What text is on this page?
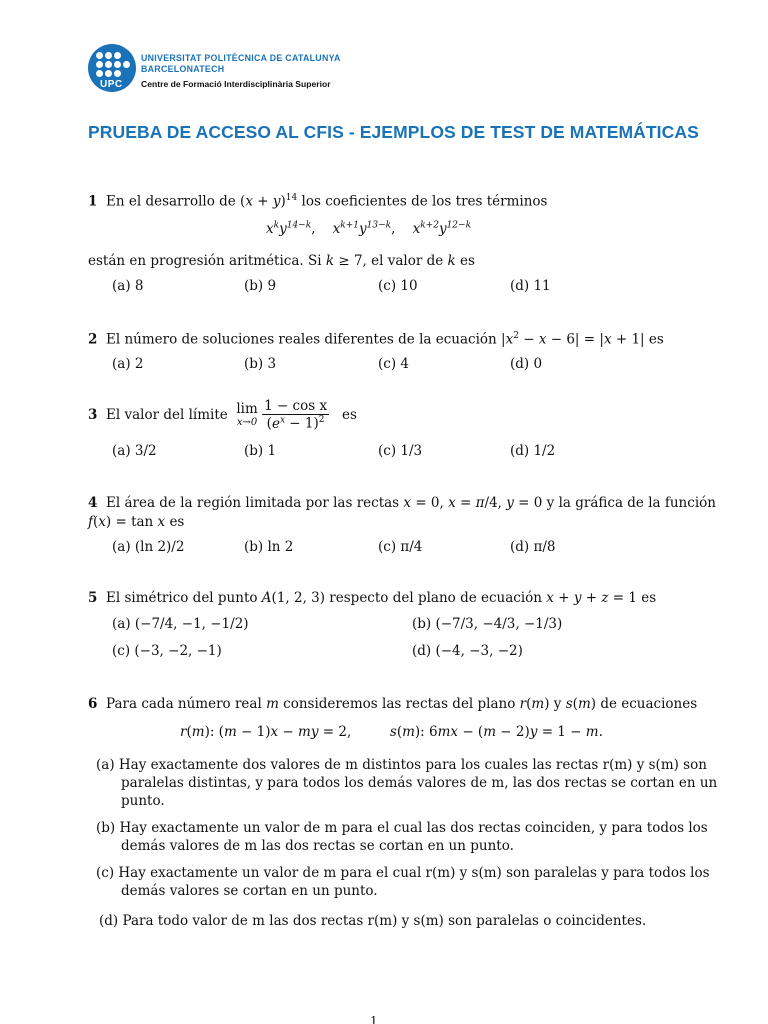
UPC
UNIVERSITAT POLITÈCNICA DE CATALUNYA
BARCELONATECH
Centre de Formació Interdisciplinària Superior
PRUEBA DE ACCESO AL CFIS - EJEMPLOS DE TEST DE MATEMÁTICAS
1 En el desarrollo de $(x + y)^{14}$ los coeficientes de los tres términos
$x^ky^{14-k}$,    $x^{k+1}y^{13-k}$,    $x^{k+2}y^{12-k}$
están en progresión aritmética. Si k ≥ 7, el valor de k es
(a) 8	(b) 9	(c) 10	(d) 11
2 El número de soluciones reales diferentes de la ecuación $|x^2 - x - 6| = |x + 1|$ es
(a) 2	(b) 3	(c) 4	(d) 0
3 El valor del límite lim
x→0
$\frac{\text{1 − cos x}}{(e^x - 1)^2}$ es
(a) 3/2	(b) 1	(c) 1/3	(d) 1/2
4 El área de la región limitada por las rectas x = 0, x = π/4, y = 0 y la gráfica de la función
f(x) = tan x es
(a) (ln 2)/2	(b) ln 2	(c) π/4	(d) π/8
5 El simétrico del punto A(1, 2, 3) respecto del plano de ecuación x + y + z = 1 es
(a) (−7/4, −1, −1/2)	(b) (−7/3, −4/3, −1/3)
(c) (−3, −2, −1)	(d) (−4, −3, −2)
6 Para cada número real m consideremos las rectas del plano r(m) y s(m) de ecuaciones
r(m): (m − 1)x − my = 2,         s(m): 6mx − (m − 2)y = 1 − m.
(a) Hay exactamente dos valores de m distintos para los cuales las rectas r(m) y s(m) son
paralelas distintas, y para todos los demás valores de m, las dos rectas se cortan en un
punto.
(b) Hay exactamente un valor de m para el cual las dos rectas coinciden, y para todos los
demás valores de m las dos rectas se cortan en un punto.
(c) Hay exactamente un valor de m para el cual r(m) y s(m) son paralelas y para todos los
demás valores se cortan en un punto.
(d) Para todo valor de m las dos rectas r(m) y s(m) son paralelas o coincidentes.
1
